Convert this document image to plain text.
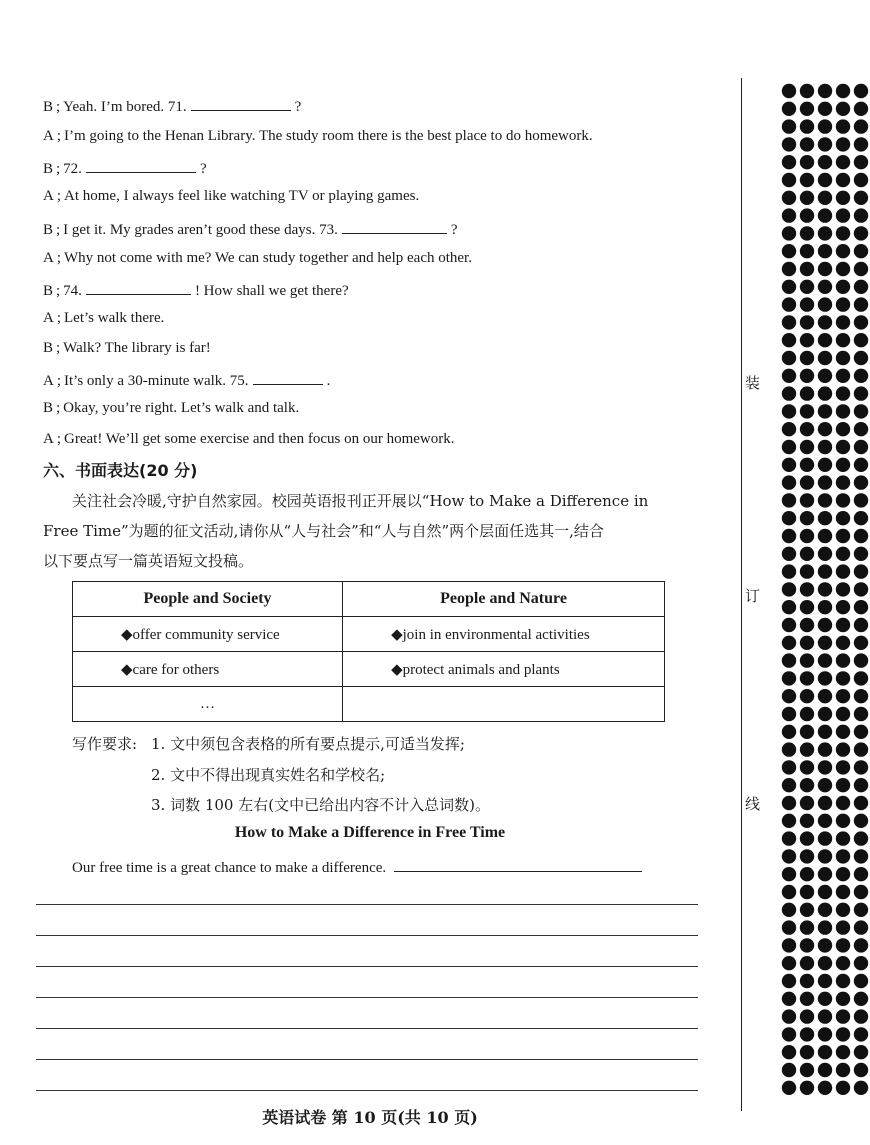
B ; Yeah. I’m bored. 71.	?
A ; I’m going to the Henan Library. The study room there is the best place to do homework.
B ; 72.	?
A ; At home, I always feel like watching TV or playing games.
B ; I get it. My grades aren’t good these days. 73.	?
A ; Why not come with me? We can study together and help each other.
B ; 74.	! How shall we get there?
A ; Let’s walk there.
B ; Walk? The library is far!
A ; It’s only a 30-minute walk. 75.	.
B ; Okay, you’re right. Let’s walk and talk.
A ; Great! We’ll get some exercise and then focus on our homework.
六、书面表达(20 分)
关注社会冷暖,守护自然家园。校园英语报刊正开展以“How to Make a Difference in
Free Time”为题的征文活动,请你从“人与社会”和“人与自然”两个层面任选其一,结合
以下要点写一篇英语短文投稿。
People and Society	People and Nature
◆offer community service	◆join in environmental activities
◆care for others	◆protect animals and plants
…	
写作要求: 1. 文中须包含表格的所有要点提示,可适当发挥;
2. 文中不得出现真实姓名和学校名;
3. 词数 100 左右(文中已给出内容不计入总词数)。
How to Make a Difference in Free Time
Our free time is a great chance to make a difference.
英语试卷 第 10 页(共 10 页)
装
订
线
